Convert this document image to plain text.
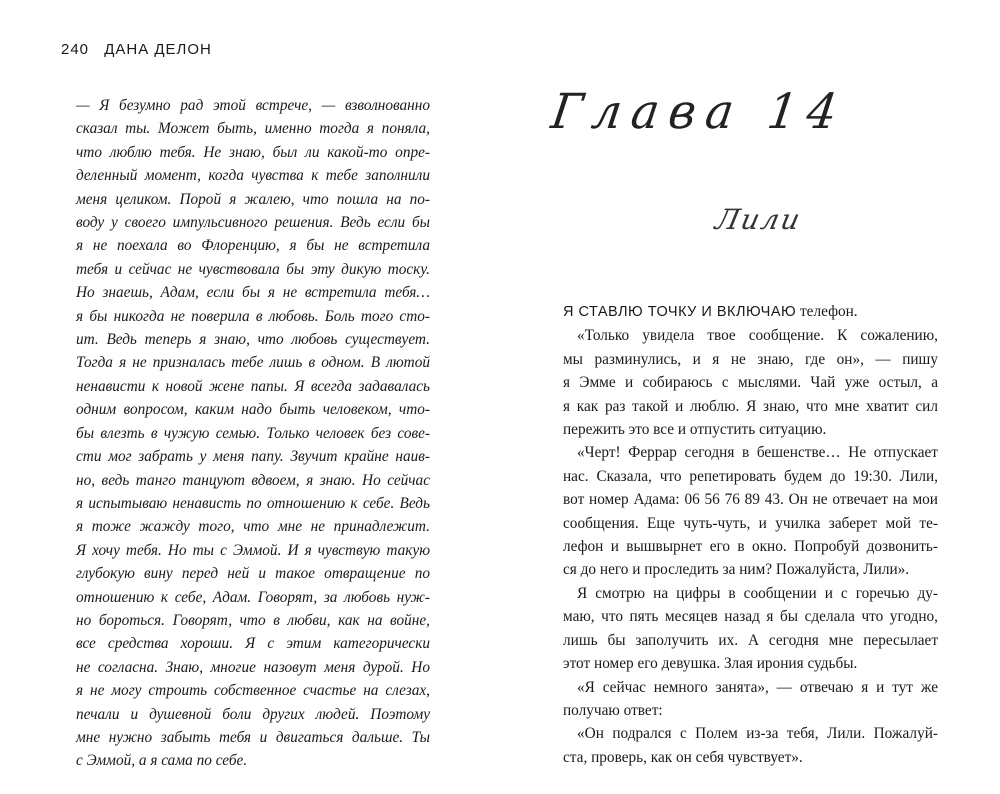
240 ДАНА ДЕЛОН
— Я безумно рад этой встрече, — взволнованно
сказал ты. Может быть, именно тогда я поняла,
что люблю тебя. Не знаю, был ли какой-то опре-
деленный момент, когда чувства к тебе заполнили
меня целиком. Порой я жалею, что пошла на по-
воду у своего импульсивного решения. Ведь если бы
я не поехала во Флоренцию, я бы не встретила
тебя и сейчас не чувствовала бы эту дикую тоску.
Но знаешь, Адам, если бы я не встретила тебя…
я бы никогда не поверила в любовь. Боль того сто-
ит. Ведь теперь я знаю, что любовь существует.
Тогда я не призналась тебе лишь в одном. В лютой
ненависти к новой жене папы. Я всегда задавалась
одним вопросом, каким надо быть человеком, что-
бы влезть в чужую семью. Только человек без сове-
сти мог забрать у меня папу. Звучит крайне наив-
но, ведь танго танцуют вдвоем, я знаю. Но сейчас
я испытываю ненависть по отношению к себе. Ведь
я тоже жажду того, что мне не принадлежит.
Я хочу тебя. Но ты с Эммой. И я чувствую такую
глубокую вину перед ней и такое отвращение по
отношению к себе, Адам. Говорят, за любовь нуж-
но бороться. Говорят, что в любви, как на войне,
все средства хороши. Я с этим категорически
не согласна. Знаю, многие назовут меня дурой. Но
я не могу строить собственное счастье на слезах,
печали и душевной боли других людей. Поэтому
мне нужно забыть тебя и двигаться дальше. Ты
с Эммой, а я сама по себе.
Глава 14
Лили
Я СТАВЛЮ ТОЧКУ И ВКЛЮЧАЮ телефон.
«Только увидела твое сообщение. К сожалению,
мы разминулись, и я не знаю, где он», — пишу
я Эмме и собираюсь с мыслями. Чай уже остыл, а
я как раз такой и люблю. Я знаю, что мне хватит сил
пережить это все и отпустить ситуацию.
«Черт! Феррар сегодня в бешенстве… Не отпускает
нас. Сказала, что репетировать будем до 19:30. Лили,
вот номер Адама: 06 56 76 89 43. Он не отвечает на мои
сообщения. Еще чуть-чуть, и училка заберет мой те-
лефон и вышвырнет его в окно. Попробуй дозвонить-
ся до него и проследить за ним? Пожалуйста, Лили».
Я смотрю на цифры в сообщении и с горечью ду-
маю, что пять месяцев назад я бы сделала что угодно,
лишь бы заполучить их. А сегодня мне пересылает
этот номер его девушка. Злая ирония судьбы.
«Я сейчас немного занята», — отвечаю я и тут же
получаю ответ:
«Он подрался с Полем из-за тебя, Лили. Пожалуй-
ста, проверь, как он себя чувствует».
